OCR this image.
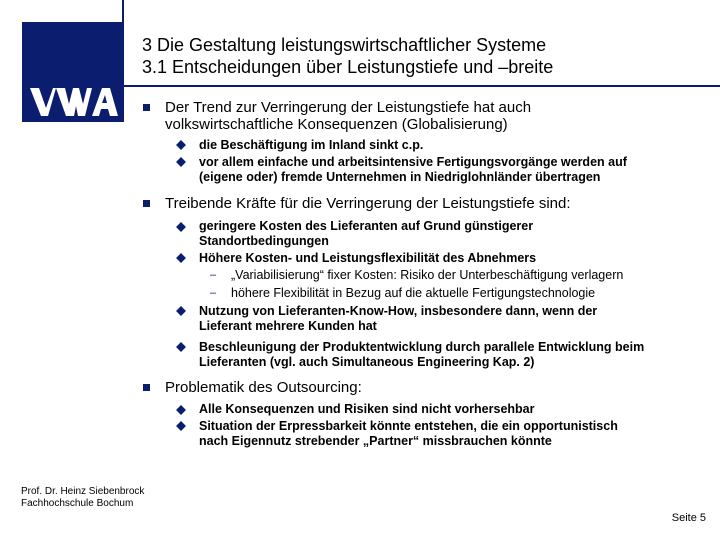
3 Die Gestaltung leistungswirtschaftlicher Systeme
3.1 Entscheidungen über Leistungstiefe und –breite
Der Trend zur Verringerung der Leistungstiefe hat auch
volkswirtschaftliche Konsequenzen (Globalisierung)
die Beschäftigung im Inland sinkt c.p.
vor allem einfache und arbeitsintensive Fertigungsvorgänge werden auf
(eigene oder) fremde Unternehmen in Niedriglohnländer übertragen
Treibende Kräfte für die Verringerung der Leistungstiefe sind:
geringere Kosten des Lieferanten auf Grund günstigerer
Standortbedingungen
Höhere Kosten- und Leistungsflexibilität des Abnehmers
– „Variabilisierung“ fixer Kosten: Risiko der Unterbeschäftigung verlagern
– höhere Flexibilität in Bezug auf die aktuelle Fertigungstechnologie
Nutzung von Lieferanten-Know-How, insbesondere dann, wenn der
Lieferant mehrere Kunden hat
Beschleunigung der Produktentwicklung durch parallele Entwicklung beim
Lieferanten (vgl. auch Simultaneous Engineering Kap. 2)
Problematik des Outsourcing:
Alle Konsequenzen und Risiken sind nicht vorhersehbar
Situation der Erpressbarkeit könnte entstehen, die ein opportunistisch
nach Eigennutz strebender „Partner“ missbrauchen könnte
Prof. Dr. Heinz Siebenbrock
Fachhochschule Bochum
Seite 5
